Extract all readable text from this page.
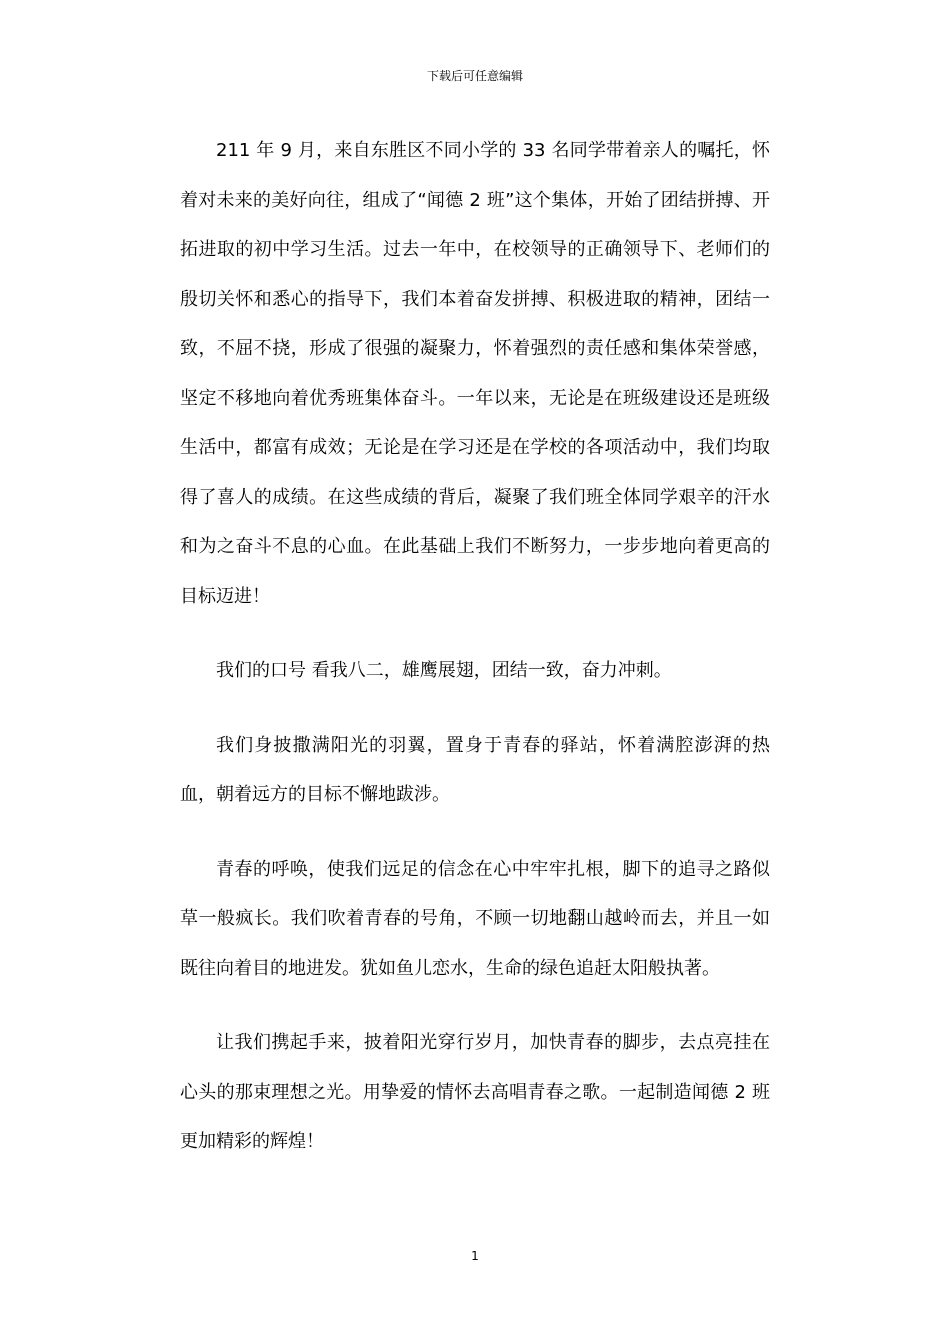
下载后可任意编辑

211 年 9 月，来自东胜区不同小学的 33 名同学带着亲人的嘱托，怀着对未来的美好向往，组成了“闻德 2 班”这个集体，开始了团结拼搏、开拓进取的初中学习生活。过去一年中，在校领导的正确领导下、老师们的殷切关怀和悉心的指导下，我们本着奋发拼搏、积极进取的精神，团结一致，不屈不挠，形成了很强的凝聚力，怀着强烈的责任感和集体荣誉感，坚定不移地向着优秀班集体奋斗。一年以来，无论是在班级建设还是班级生活中，都富有成效；无论是在学习还是在学校的各项活动中，我们均取得了喜人的成绩。在这些成绩的背后，凝聚了我们班全体同学艰辛的汗水和为之奋斗不息的心血。在此基础上我们不断努力，一步步地向着更高的目标迈进！

我们的口号 看我八二，雄鹰展翅，团结一致，奋力冲刺。

我们身披撒满阳光的羽翼，置身于青春的驿站，怀着满腔澎湃的热血，朝着远方的目标不懈地跋涉。

青春的呼唤，使我们远足的信念在心中牢牢扎根，脚下的追寻之路似草一般疯长。我们吹着青春的号角，不顾一切地翻山越岭而去，并且一如既往向着目的地进发。犹如鱼儿恋水，生命的绿色追赶太阳般执著。

让我们携起手来，披着阳光穿行岁月，加快青春的脚步，去点亮挂在心头的那束理想之光。用挚爱的情怀去高唱青春之歌。一起制造闻德 2 班更加精彩的辉煌！

1
